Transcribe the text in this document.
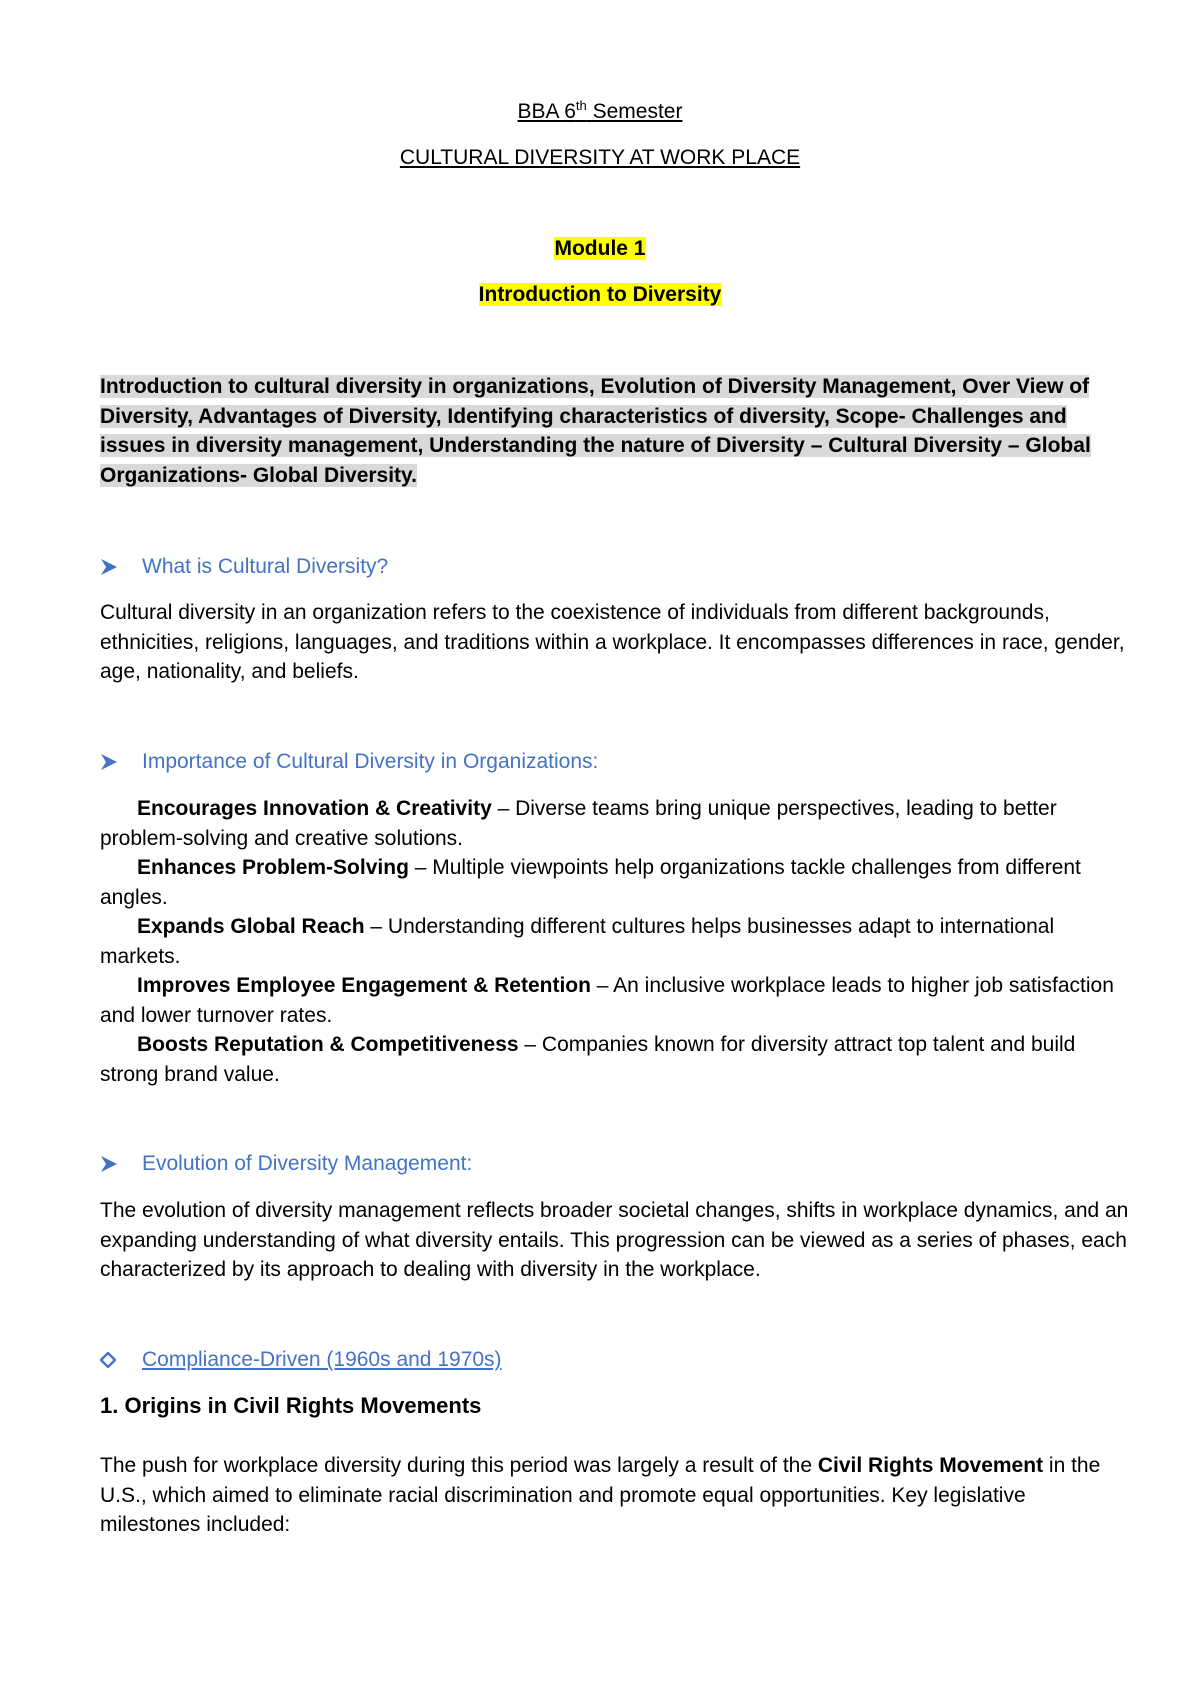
BBA 6th Semester
CULTURAL DIVERSITY AT WORK PLACE
Module 1
Introduction to Diversity
Introduction to cultural diversity in organizations, Evolution of Diversity Management, Over View of Diversity, Advantages of Diversity, Identifying characteristics of diversity, Scope- Challenges and issues in diversity management, Understanding the nature of Diversity – Cultural Diversity – Global Organizations- Global Diversity.
What is Cultural Diversity?
Cultural diversity in an organization refers to the coexistence of individuals from different backgrounds, ethnicities, religions, languages, and traditions within a workplace. It encompasses differences in race, gender, age, nationality, and beliefs.
Importance of Cultural Diversity in Organizations:
Encourages Innovation & Creativity – Diverse teams bring unique perspectives, leading to better problem-solving and creative solutions.
Enhances Problem-Solving – Multiple viewpoints help organizations tackle challenges from different angles.
Expands Global Reach – Understanding different cultures helps businesses adapt to international markets.
Improves Employee Engagement & Retention – An inclusive workplace leads to higher job satisfaction and lower turnover rates.
Boosts Reputation & Competitiveness – Companies known for diversity attract top talent and build strong brand value.
Evolution of Diversity Management:
The evolution of diversity management reflects broader societal changes, shifts in workplace dynamics, and an expanding understanding of what diversity entails. This progression can be viewed as a series of phases, each characterized by its approach to dealing with diversity in the workplace.
Compliance-Driven (1960s and 1970s)
1. Origins in Civil Rights Movements
The push for workplace diversity during this period was largely a result of the Civil Rights Movement in the U.S., which aimed to eliminate racial discrimination and promote equal opportunities. Key legislative milestones included:
